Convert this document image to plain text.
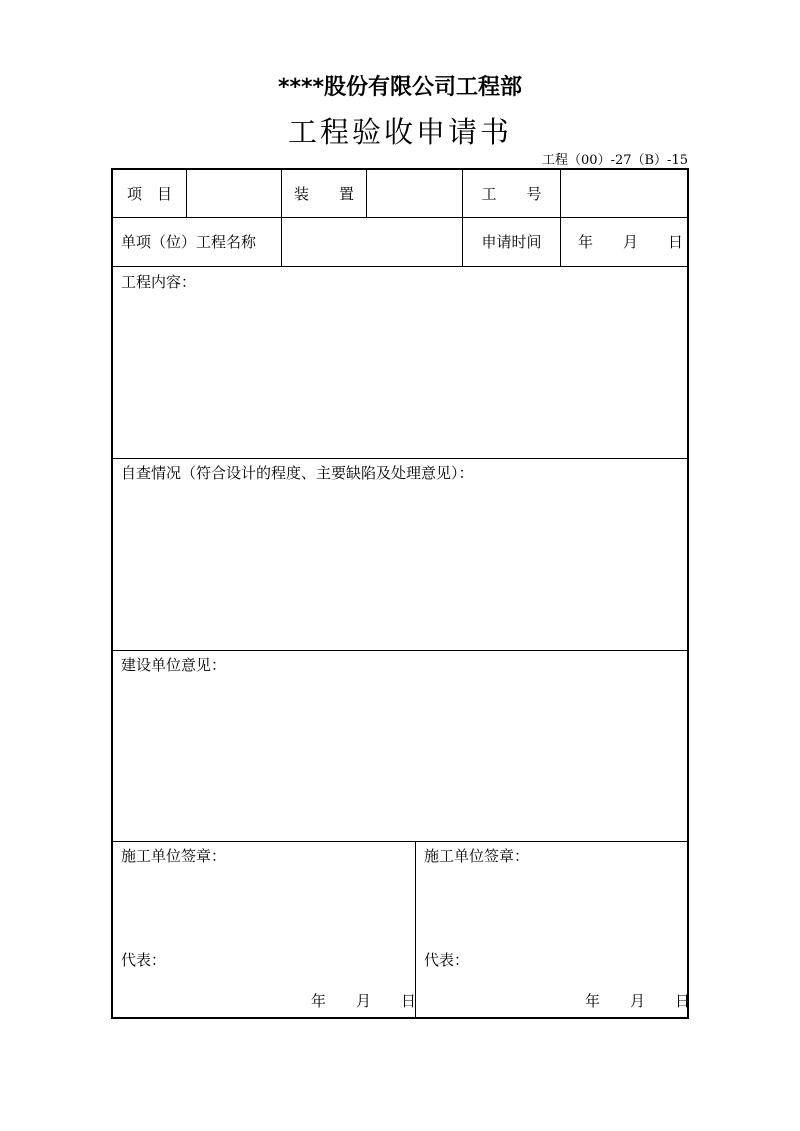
****股份有限公司工程部
工程验收申请书
工程（00）-27（B）-15
项　目	装　　置	工　　号
单项（位）工程名称	申请时间	年　　月　　日
工程内容：
自查情况（符合设计的程度、主要缺陷及处理意见）：
建设单位意见：
施工单位签章：
代表：
年　　月　　日
施工单位签章：
代表：
年　　月　　日
